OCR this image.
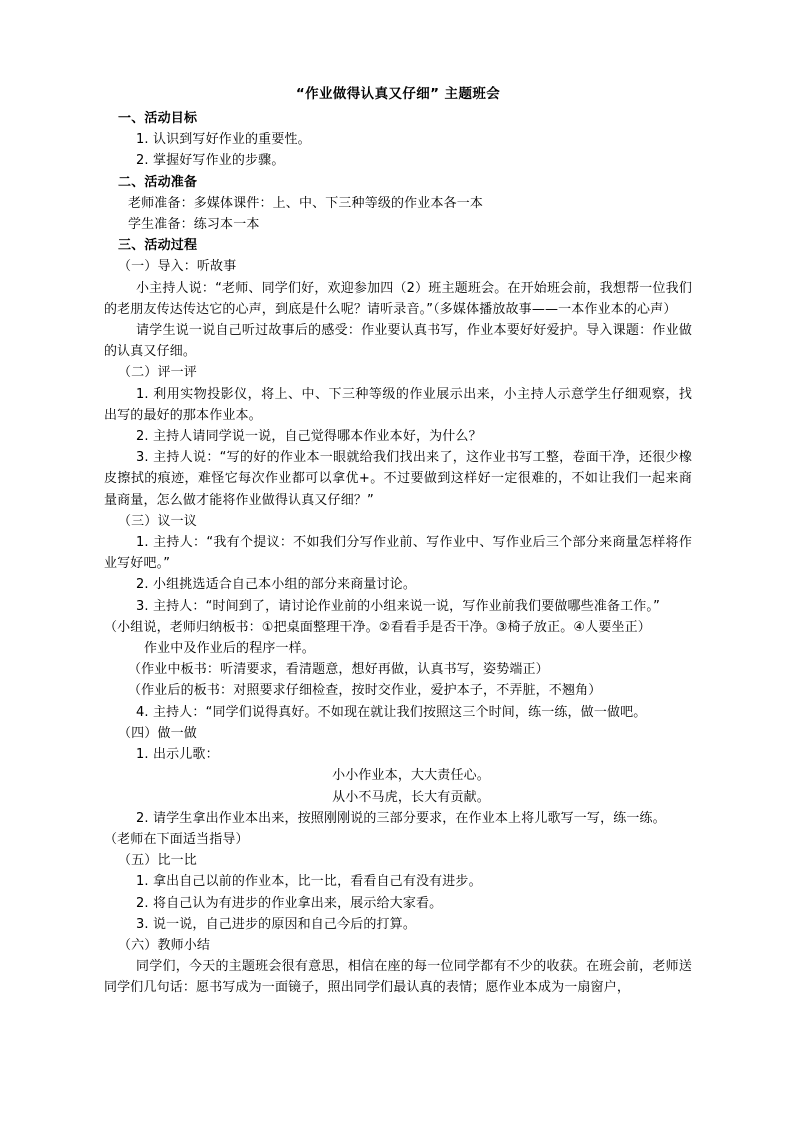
“作业做得认真又仔细” 主题班会
一、活动目标
1. 认识到写好作业的重要性。
2. 掌握好写作业的步骤。
二、活动准备
老师准备：多媒体课件：上、中、下三种等级的作业本各一本
学生准备：练习本一本
三、活动过程
（一）导入：听故事
小主持人说：“老师、同学们好，欢迎参加四（2）班主题班会。在开始班会前，我想帮一位我们的老朋友传达传达它的心声，到底是什么呢？请听录音。”（多媒体播放故事——一本作业本的心声）
请学生说一说自己听过故事后的感受：作业要认真书写，作业本要好好爱护。导入课题：作业做的认真又仔细。
（二）评一评
1. 利用实物投影仪，将上、中、下三种等级的作业展示出来，小主持人示意学生仔细观察，找出写的最好的那本作业本。
2. 主持人请同学说一说，自己觉得哪本作业本好，为什么？
3. 主持人说：“写的好的作业本一眼就给我们找出来了，这作业书写工整，卷面干净，还很少橡皮擦拭的痕迹，难怪它每次作业都可以拿优+。不过要做到这样好一定很难的，不如让我们一起来商量商量，怎么做才能将作业做得认真又仔细？”
（三）议一议
1. 主持人：“我有个提议：不如我们分写作业前、写作业中、写作业后三个部分来商量怎样将作业写好吧。”
2. 小组挑选适合自己本小组的部分来商量讨论。
3. 主持人：“时间到了，请讨论作业前的小组来说一说，写作业前我们要做哪些准备工作。”
（小组说，老师归纳板书：①把桌面整理干净。②看看手是否干净。③椅子放正。④人要坐正）
作业中及作业后的程序一样。
（作业中板书：听清要求，看清题意，想好再做，认真书写，姿势端正）
（作业后的板书：对照要求仔细检查，按时交作业，爱护本子，不弄脏，不翘角）
4. 主持人：“同学们说得真好。不如现在就让我们按照这三个时间，练一练，做一做吧。
（四）做一做
1. 出示儿歌：
小小作业本，大大责任心。
从小不马虎，长大有贡献。
2. 请学生拿出作业本出来，按照刚刚说的三部分要求，在作业本上将儿歌写一写，练一练。
（老师在下面适当指导）
（五）比一比
1. 拿出自己以前的作业本，比一比，看看自己有没有进步。
2. 将自己认为有进步的作业拿出来，展示给大家看。
3. 说一说，自己进步的原因和自己今后的打算。
（六）教师小结
同学们，今天的主题班会很有意思，相信在座的每一位同学都有不少的收获。在班会前，老师送同学们几句话：愿书写成为一面镜子，照出同学们最认真的表情；愿作业本成为一扇窗户，
